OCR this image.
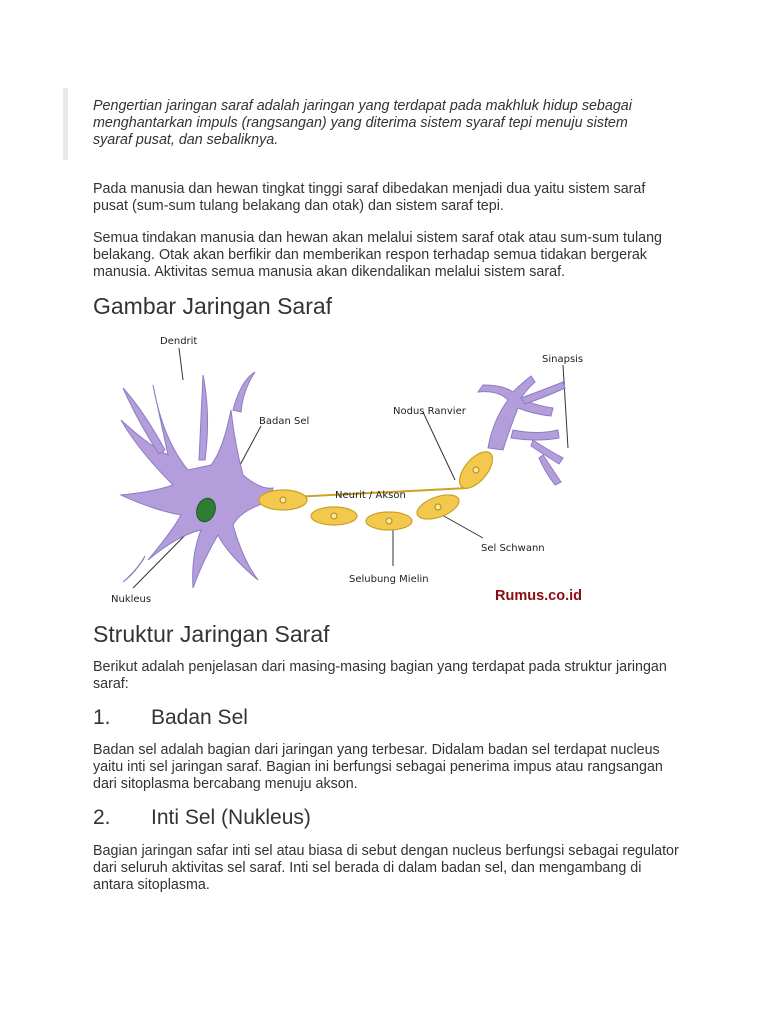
Pengertian jaringan saraf adalah jaringan yang terdapat pada makhluk hidup sebagai menghantarkan impuls (rangsangan) yang diterima sistem syaraf tepi menuju sistem syaraf pusat, dan sebaliknya.

Pada manusia dan hewan tingkat tinggi saraf dibedakan menjadi dua yaitu sistem saraf pusat (sum-sum tulang belakang dan otak) dan sistem saraf tepi.

Semua tindakan manusia dan hewan akan melalui sistem saraf otak atau sum-sum tulang belakang. Otak akan berfikir dan memberikan respon terhadap semua tidakan bergerak manusia. Aktivitas semua manusia akan dikendalikan melalui sistem saraf.

Gambar Jaringan Saraf
Dendrit
Badan Sel
Nodus Ranvier
Sinapsis
Neurit / Akson
Sel Schwann
Selubung Mielin
Nukleus	Rumus.co.id
Struktur Jaringan Saraf

Berikut adalah penjelasan dari masing-masing bagian yang terdapat pada struktur jaringan saraf:

1. Badan Sel

Badan sel adalah bagian dari jaringan yang terbesar. Didalam badan sel terdapat nucleus yaitu inti sel jaringan saraf. Bagian ini berfungsi sebagai penerima impus atau rangsangan dari sitoplasma bercabang menuju akson.

2. Inti Sel (Nukleus)

Bagian jaringan safar inti sel atau biasa di sebut dengan nucleus berfungsi sebagai regulator dari seluruh aktivitas sel saraf. Inti sel berada di dalam badan sel, dan mengambang di antara sitoplasma.
